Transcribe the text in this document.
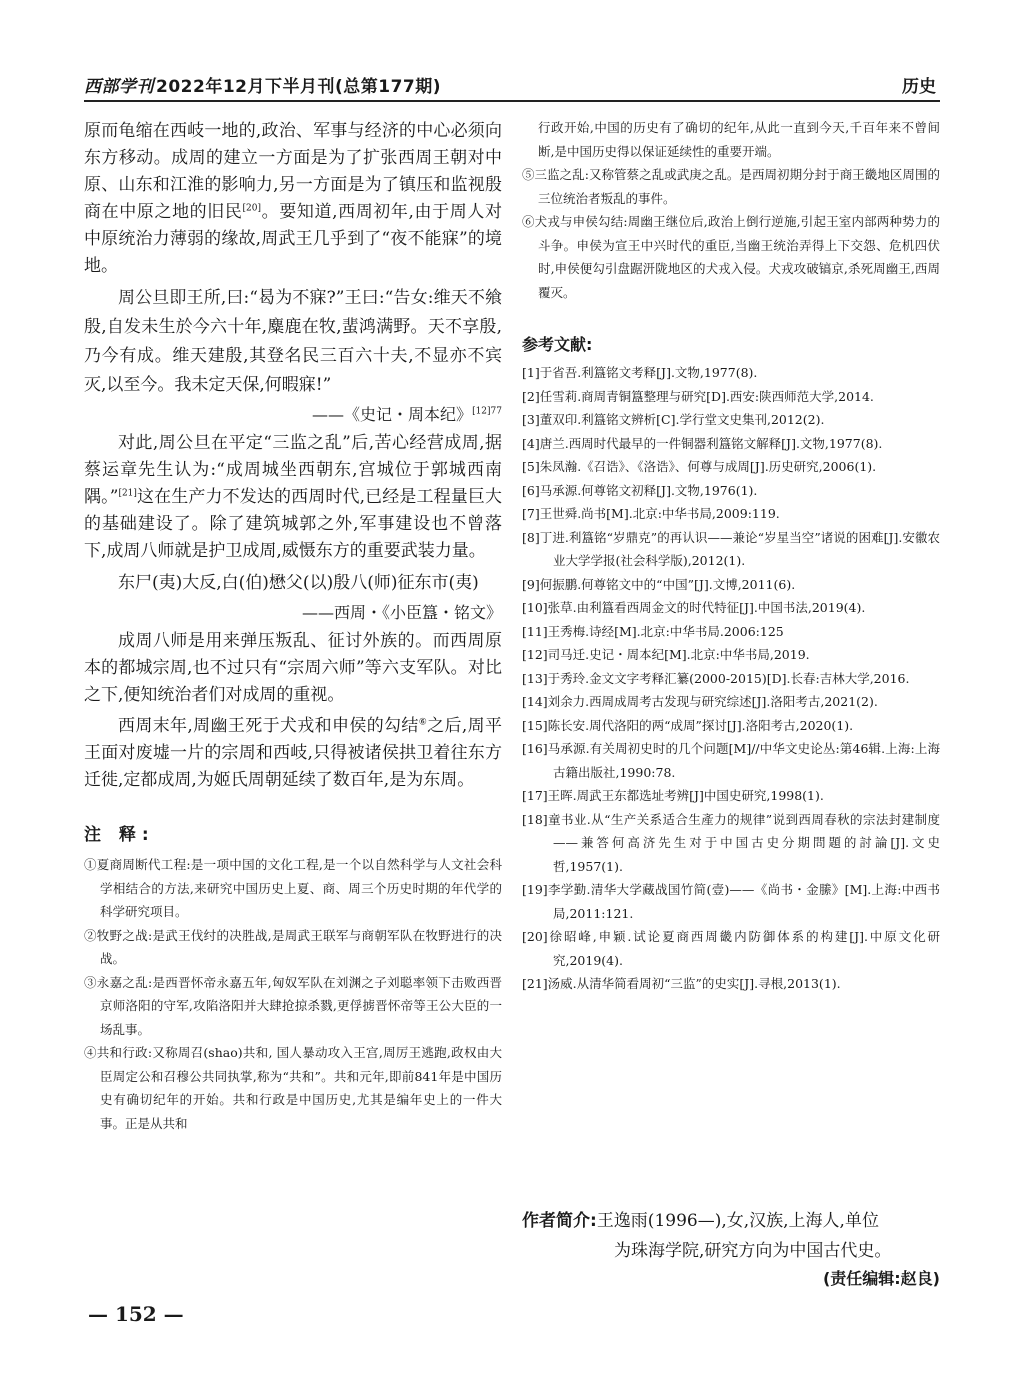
西部学刊 2022年12月下半月刊(总第177期)	历史

原而龟缩在西岐一地的,政治、军事与经济的中心必须向东方移动。成周的建立一方面是为了扩张西周王朝对中原、山东和江淮的影响力,另一方面是为了镇压和监视殷商在中原之地的旧民[20]。要知道,西周初年,由于周人对中原统治力薄弱的缘故,周武王几乎到了“夜不能寐”的境地。

周公旦即王所,曰:“曷为不寐?”王曰:“告女:维天不飨殷,自发未生於今六十年,麋鹿在牧,蜚鸿满野。天不享殷,乃今有成。维天建殷,其登名民三百六十夫,不显亦不宾灭,以至今。我未定天保,何暇寐!”

——《史记・周本纪》$^{[12]77}$

对此,周公旦在平定“三监之乱”后,苦心经营成周,据蔡运章先生认为:“成周城坐西朝东,宫城位于郭城西南隅。”[21]这在生产力不发达的西周时代,已经是工程量巨大的基础建设了。除了建筑城郭之外,军事建设也不曾落下,成周八师就是护卫成周,威慑东方的重要武装力量。

东尸(夷)大反,白(伯)懋父(以)殷八(师)征东市(夷)

——西周・《小臣簋・铭文》

成周八师是用来弹压叛乱、征讨外族的。而西周原本的都城宗周,也不过只有“宗周六师”等六支军队。对比之下,便知统治者们对成周的重视。

西周末年,周幽王死于犬戎和申侯的勾结⑥之后,周平王面对废墟一片的宗周和西岐,只得被诸侯拱卫着往东方迁徙,定都成周,为姬氏周朝延续了数百年,是为东周。

注 释:

①夏商周断代工程:是一项中国的文化工程,是一个以自然科学与人文社会科学相结合的方法,来研究中国历史上夏、商、周三个历史时期的年代学的科学研究项目。

②牧野之战:是武王伐纣的决胜战,是周武王联军与商朝军队在牧野进行的决战。

③永嘉之乱:是西晋怀帝永嘉五年,匈奴军队在刘渊之子刘聪率领下击败西晋京师洛阳的守军,攻陷洛阳并大肆抢掠杀戮,更俘掳晋怀帝等王公大臣的一场乱事。

④共和行政:又称周召(shao)共和, 国人暴动攻入王宫,周厉王逃跑,政权由大臣周定公和召穆公共同执掌,称为“共和”。共和元年,即前841年是中国历史有确切纪年的开始。共和行政是中国历史,尤其是编年史上的一件大事。正是从共和

行政开始,中国的历史有了确切的纪年,从此一直到今天,千百年来不曾间断,是中国历史得以保证延续性的重要开端。

⑤三监之乱:又称管蔡之乱或武庚之乱。是西周初期分封于商王畿地区周围的三位统治者叛乱的事件。

⑥犬戎与申侯勾结:周幽王继位后,政治上倒行逆施,引起王室内部两种势力的斗争。申侯为宣王中兴时代的重臣,当幽王统治弄得上下交怨、危机四伏时,申侯便勾引盘踞汧陇地区的犬戎入侵。犬戎攻破镐京,杀死周幽王,西周覆灭。

参考文献:

[1]于省吾.利簋铭文考释[J].文物,1977(8).

[2]任雪莉.商周青铜簋整理与研究[D].西安:陕西师范大学,2014.

[3]董双印.利簋铭文辨析[C].学行堂文史集刊,2012(2).

[4]唐兰.西周时代最早的一件铜器利簋铭文解释[J].文物,1977(8).

[5]朱凤瀚.《召诰》、《洛诰》、何尊与成周[J].历史研究,2006(1).

[6]马承源.何尊铭文初释[J].文物,1976(1).

[7]王世舜.尚书[M].北京:中华书局,2009:119.

[8]丁进.利簋铭“岁鼎克”的再认识——兼论“岁星当空”诸说的困难[J].安徽农业大学学报(社会科学版),2012(1).

[9]何振鹏.何尊铭文中的“中国”[J].文博,2011(6).

[10]张草.由利簋看西周金文的时代特征[J].中国书法,2019(4).

[11]王秀梅.诗经[M].北京:中华书局.2006:125

[12]司马迁.史记・周本纪[M].北京:中华书局,2019.

[13]于秀玲.金文文字考释汇纂(2000-2015)[D].长春:吉林大学,2016.

[14]刘余力.西周成周考古发现与研究综述[J].洛阳考古,2021(2).

[15]陈长安.周代洛阳的两“成周”探讨[J].洛阳考古,2020(1).

[16]马承源.有关周初史时的几个问题[M]//中华文史论丛:第46辑.上海:上海古籍出版社,1990:78.

[17]王晖.周武王东都选址考辨[J]中国史研究,1998(1).

[18]童书业.从“生产关系适合生產力的规律”说到西周春秋的宗法封建制度——兼答何高济先生对于中国古史分期問題的討論[J].文史哲,1957(1).

[19]李学勤.清华大学藏战国竹简(壹)——《尚书・金縢》[M].上海:中西书局,2011:121.

[20]徐昭峰,申颖.试论夏商西周畿内防御体系的构建[J].中原文化研究,2019(4).

[21]汤威.从清华简看周初“三监”的史实[J].寻根,2013(1).

作者简介:王逸雨(1996—),女,汉族,上海人,单位
为珠海学院,研究方向为中国古代史。
(责任编辑:赵良)
— 152 —
